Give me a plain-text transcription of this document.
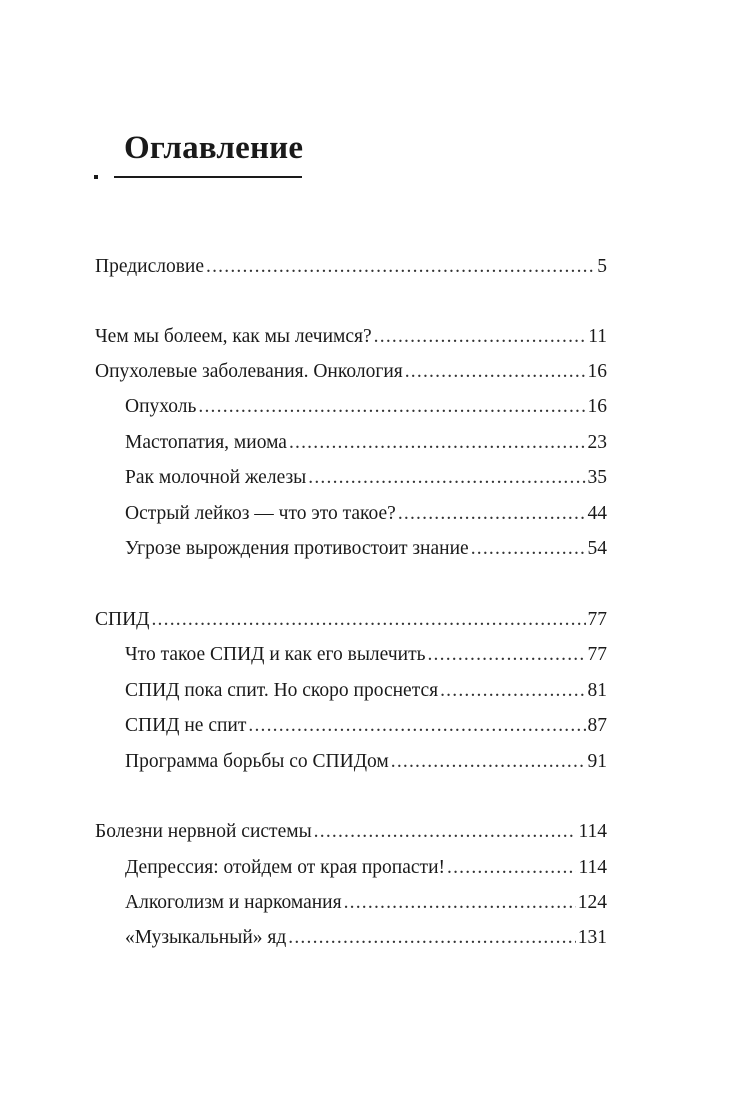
Оглавление
Предисловие .....	5
Чем мы болеем, как мы лечимся? .....	11
Опухолевые заболевания. Онкология .....	16
Опухоль .....	16
Мастопатия, миома .....	23
Рак молочной железы .....	35
Острый лейкоз — что это такое? .....	44
Угрозе вырождения противостоит знание .....	54
СПИД .....	77
Что такое СПИД и как его вылечить .....	77
СПИД пока спит. Но скоро проснется .....	81
СПИД не спит .....	87
Программа борьбы со СПИДом .....	91
Болезни нервной системы .....	114
Депрессия: отойдем от края пропасти! .....	114
Алкоголизм и наркомания .....	124
«Музыкальный» яд .....	131
